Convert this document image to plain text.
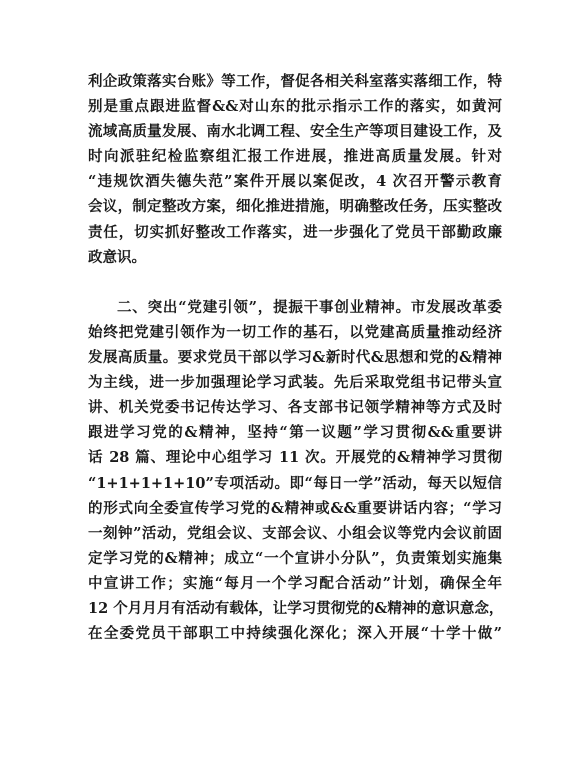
利企政策落实台账》等工作，督促各相关科室落实落细工作，特
别是重点跟进监督&&对山东的批示指示工作的落实，如黄河
流域高质量发展、南水北调工程、安全生产等项目建设工作，及
时向派驻纪检监察组汇报工作进展，推进高质量发展。针对
“违规饮酒失德失范”案件开展以案促改，4 次召开警示教育
会议，制定整改方案，细化推进措施，明确整改任务，压实整改
责任，切实抓好整改工作落实，进一步强化了党员干部勤政廉
政意识。
二、突出“党建引领”，提振干事创业精神。市发展改革委
始终把党建引领作为一切工作的基石，以党建高质量推动经济
发展高质量。要求党员干部以学习&新时代&思想和党的&精神
为主线，进一步加强理论学习武装。先后采取党组书记带头宣
讲、机关党委书记传达学习、各支部书记领学精神等方式及时
跟进学习党的&精神，坚持“第一议题”学习贯彻&&重要讲
话 28 篇、理论中心组学习 11 次。开展党的&精神学习贯彻
“1+1+1+1+10”专项活动。即“每日一学”活动，每天以短信
的形式向全委宣传学习党的&精神或&&重要讲话内容；“学习
一刻钟”活动，党组会议、支部会议、小组会议等党内会议前固
定学习党的&精神；成立“一个宣讲小分队”，负责策划实施集
中宣讲工作；实施“每月一个学习配合活动”计划，确保全年
12 个月月月有活动有载体，让学习贯彻党的&精神的意识意念，
在全委党员干部职工中持续强化深化；深入开展“十学十做”
